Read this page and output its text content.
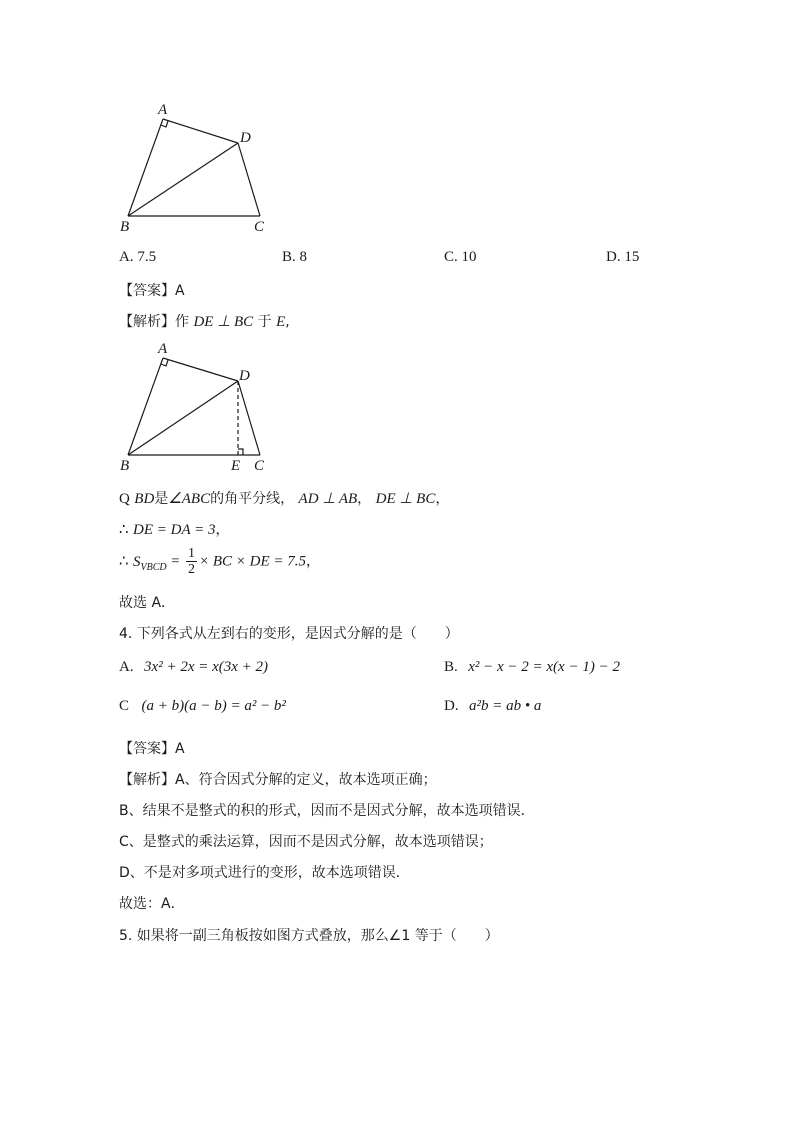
A
D
B	C
A. 7.5	B. 8	C. 10	D. 15
【答案】A
【解析】作 DE ⊥ BC 于 E,
A
D
B	E C
Q BD是∠ABC的角平分线， AD ⊥ AB， DE ⊥ BC，
∴ DE = DA = 3，
∴ $S_{VBCD} = \frac{1}{2}$ × BC × DE = 7.5，
故选 A．
4. 下列各式从左到右的变形，是因式分解的是（　　）
A. 3x² + 2x = x(3x + 2)	B. x² − x − 2 = x(x − 1) − 2
C (a + b)(a − b) = a² − b²	D. a²b = ab • a
【答案】A
【解析】A、符合因式分解的定义，故本选项正确；
B、结果不是整式的积的形式，因而不是因式分解，故本选项错误．
C、是整式的乘法运算，因而不是因式分解，故本选项错误；
D、不是对多项式进行的变形，故本选项错误．
故选：A．
5. 如果将一副三角板按如图方式叠放，那么∠1 等于（　　）
